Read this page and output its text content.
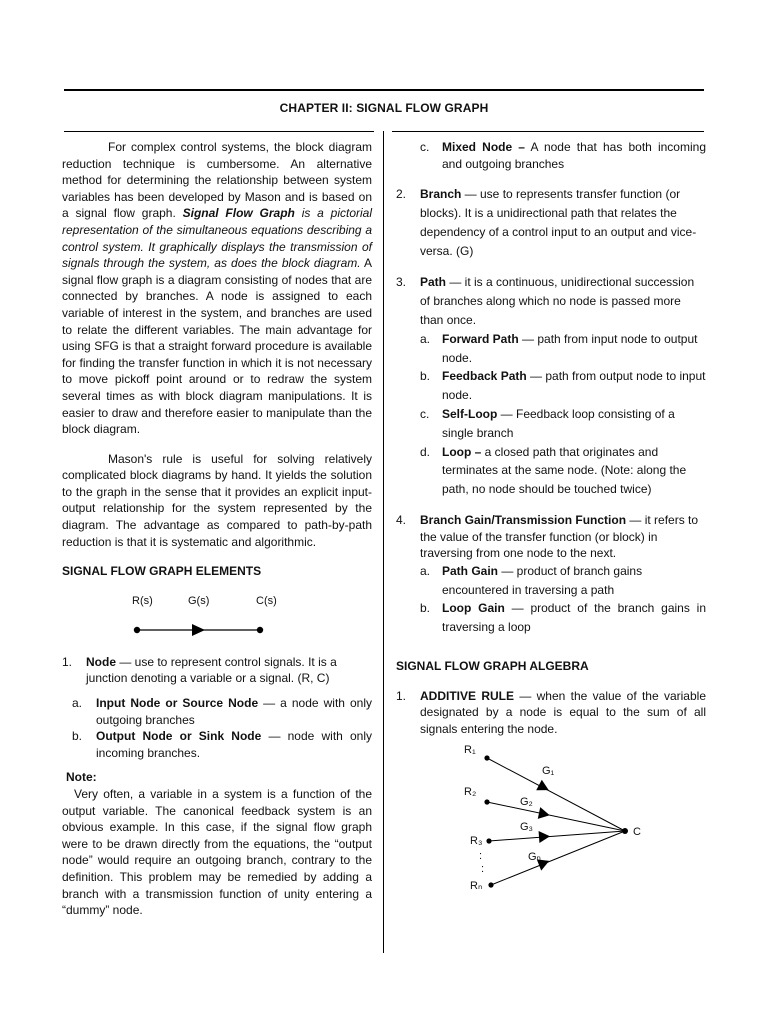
CHAPTER II: SIGNAL FLOW GRAPH

For complex control systems, the block diagram reduction technique is cumbersome. An alternative method for determining the relationship between system variables has been developed by Mason and is based on a signal flow graph. Signal Flow Graph is a pictorial representation of the simultaneous equations describing a control system. It graphically displays the transmission of signals through the system, as does the block diagram. A signal flow graph is a diagram consisting of nodes that are connected by branches. A node is assigned to each variable of interest in the system, and branches are used to relate the different variables. The main advantage for using SFG is that a straight forward procedure is available for finding the transfer function in which it is not necessary to move pickoff point around or to redraw the system several times as with block diagram manipulations. It is easier to draw and therefore easier to manipulate than the block diagram.

Mason's rule is useful for solving relatively complicated block diagrams by hand. It yields the solution to the graph in the sense that it provides an explicit input-output relationship for the system represented by the diagram. The advantage as compared to path-by-path reduction is that it is systematic and algorithmic.

SIGNAL FLOW GRAPH ELEMENTS

R(s)	G(s)	C(s)
1.	Node — use to represent control signals. It is a junction denoting a variable or a signal. (R, C)
a.	Input Node or Source Node — a node with only outgoing branches
b.	Output Node or Sink Node — node with only incoming branches.

Note:

Very often, a variable in a system is a function of the output variable. The canonical feedback system is an obvious example. In this case, if the signal flow graph were to be drawn directly from the equations, the “output node” would require an outgoing branch, contrary to the definition. This problem may be remedied by adding a branch with a transmission function of unity entering a “dummy” node.

c.	Mixed Node – A node that has both incoming and outgoing branches
2.	Branch — use to represents transfer function (or blocks). It is a unidirectional path that relates the dependency of a control input to an output and vice-versa. (G)
3.	Path — it is a continuous, unidirectional succession of branches along which no node is passed more than once.
a. Forward Path — path from input node to output node.
b. Feedback Path — path from output node to input node.
c.	Self-Loop — Feedback loop consisting of a single branch
d. Loop – a closed path that originates and terminates at the same node. (Note: along the path, no node should be touched twice)
4.	Branch Gain/Transmission Function — it refers to the value of the transfer function (or block) in traversing from one node to the next.
a. Path Gain — product of branch gains encountered in traversing a path
b. Loop Gain — product of the branch gains in traversing a loop

SIGNAL FLOW GRAPH ALGEBRA

1.	ADDITIVE RULE — when the value of the variable designated by a node is equal to the sum of all signals entering the node.
R₁
R₂
R₃
Rₙ
G₁
G₂
G₃
Gₙ
:
:
C
